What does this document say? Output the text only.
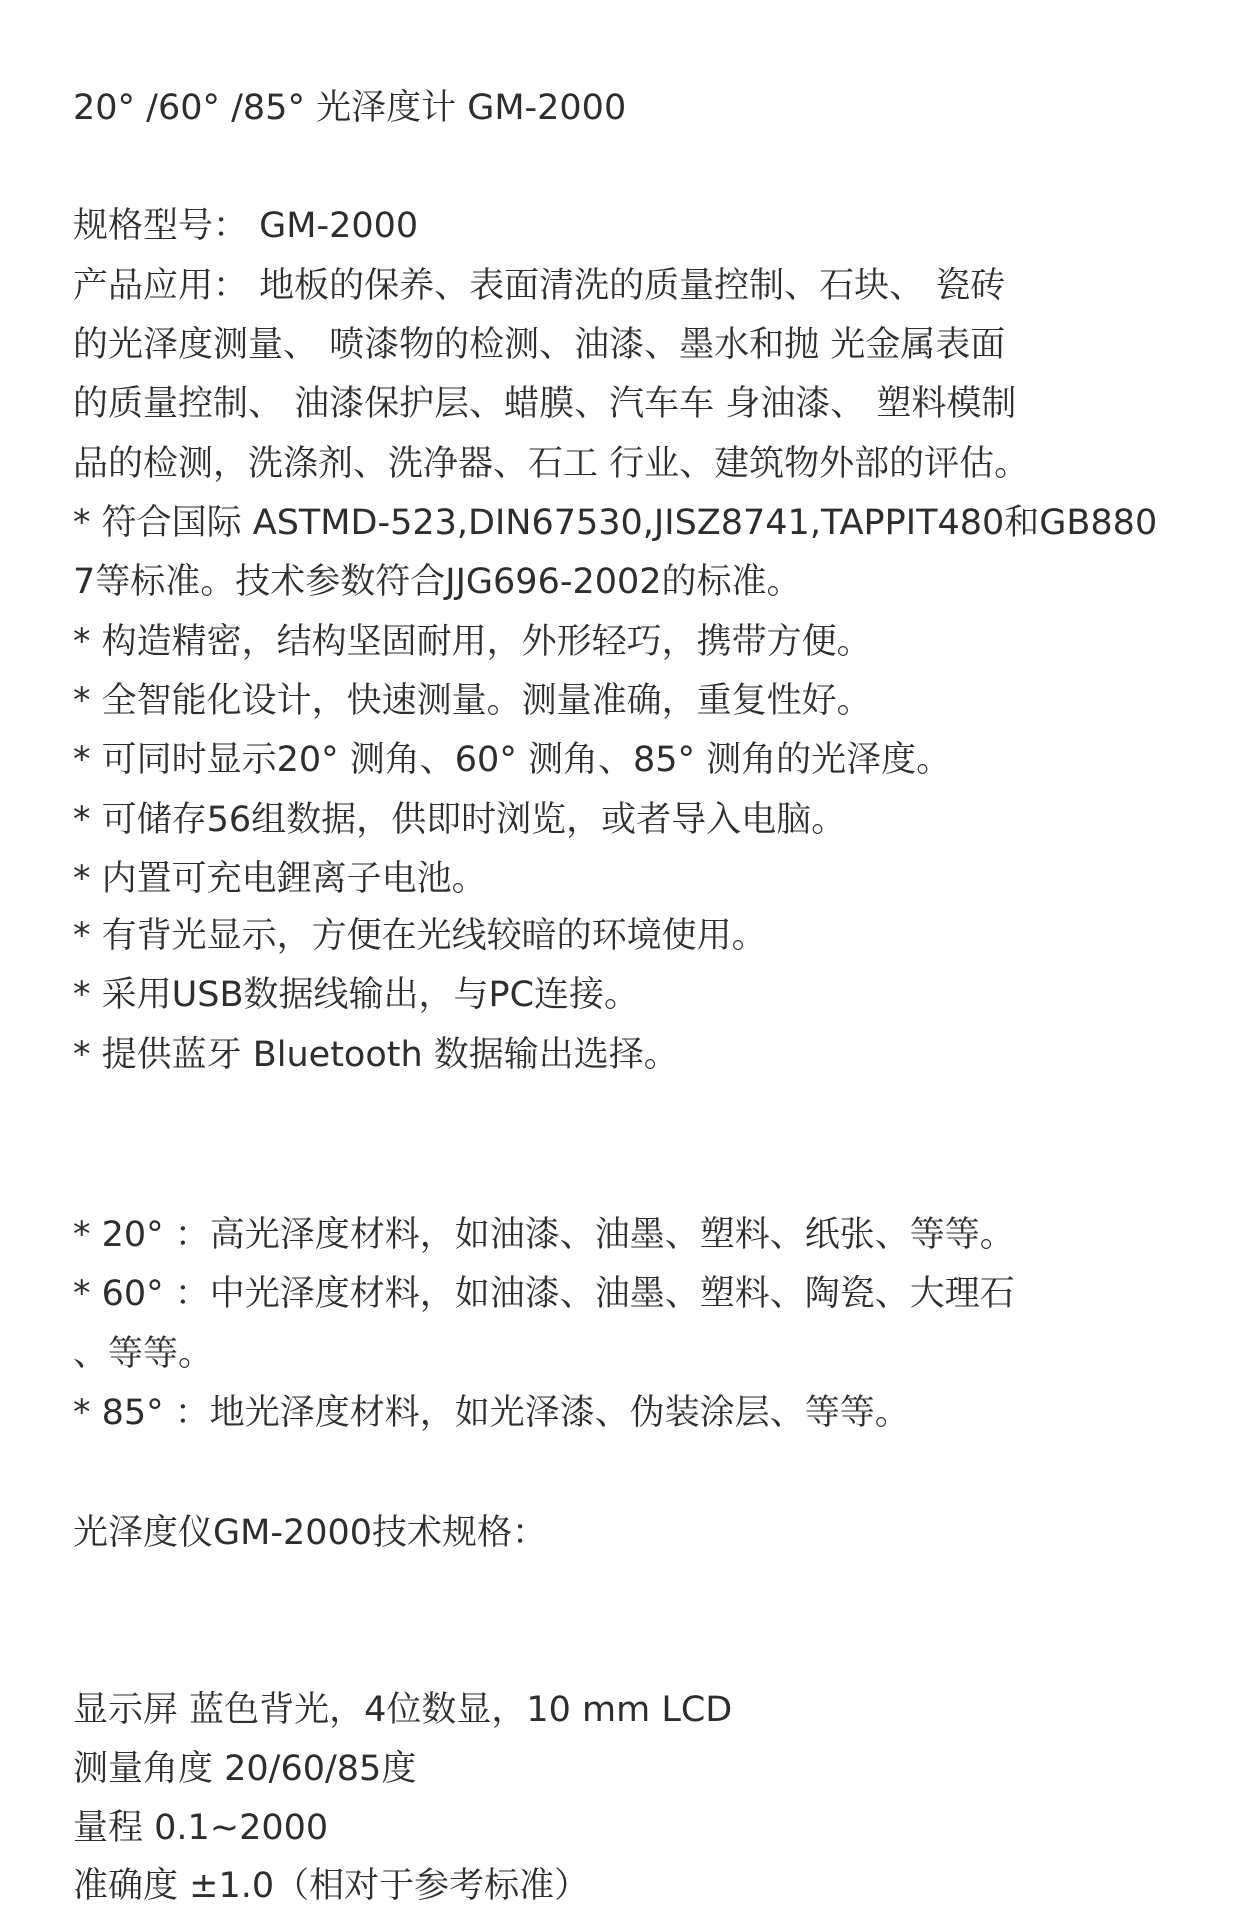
20° /60° /85° 光泽度计 GM-2000
规格型号： GM-2000
产品应用： 地板的保养、表面清洗的质量控制、石块、 瓷砖
的光泽度测量、 喷漆物的检测、油漆、墨水和抛 光金属表面
的质量控制、 油漆保护层、蜡膜、汽车车 身油漆、 塑料模制
品的检测，洗涤剂、洗净器、石工 行业、建筑物外部的评估。
* 符合国际 ASTMD-523,DIN67530,JISZ8741,TAPPIT480和GB880
7等标准。技术参数符合JJG696-2002的标准。
* 构造精密，结构坚固耐用，外形轻巧，携带方便。
* 全智能化设计，快速测量。测量准确，重复性好。
* 可同时显示20° 测角、60° 测角、85° 测角的光泽度。
* 可储存56组数据，供即时浏览，或者导入电脑。
* 内置可充电鋰离子电池。
* 有背光显示，方便在光线较暗的环境使用。
* 采用USB数据线输出，与PC连接。
* 提供蓝牙 Bluetooth 数据输出选择。
* 20° ：高光泽度材料，如油漆、油墨、塑料、纸张、等等。
* 60° ：中光泽度材料，如油漆、油墨、塑料、陶瓷、大理石
、等等。
* 85° ：地光泽度材料，如光泽漆、伪装涂层、等等。
光泽度仪GM-2000技术规格：
显示屏 蓝色背光，4位数显，10 mm LCD
测量角度 20/60/85度
量程 0.1~2000
准确度 ±1.0（相对于参考标准）
